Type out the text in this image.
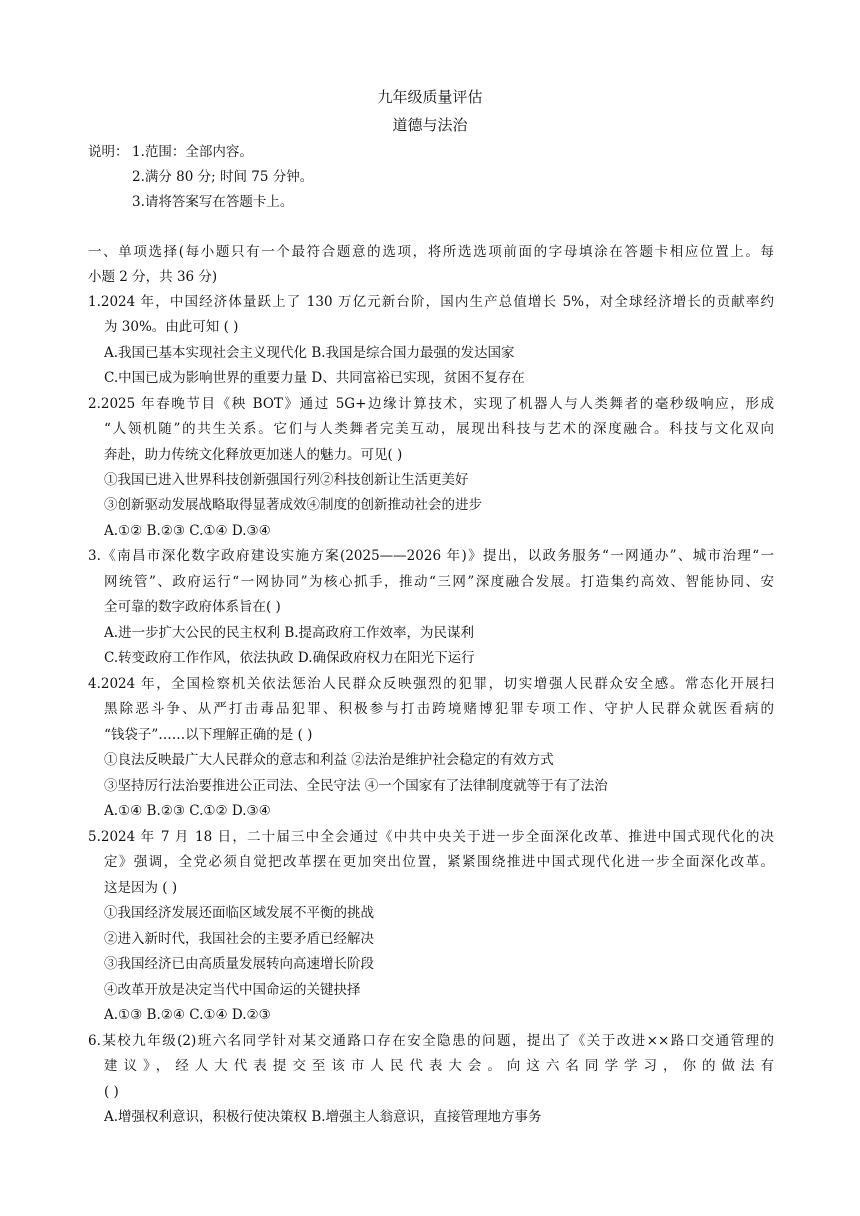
九年级质量评估
道德与法治
说明： 1.范围：全部内容。
2.满分 80 分; 时间 75 分钟。
3.请将答案写在答题卡上。
一、单项选择(每小题只有一个最符合题意的选项，将所选选项前面的字母填涂在答题卡相应位置上。每
小题 2 分，共 36 分)
1.2024 年，中国经济体量跃上了 130 万亿元新台阶，国内生产总值增长 5%，对全球经济增长的贡献率约
为 30%。由此可知 ( )
A.我国已基本实现社会主义现代化 B.我国是综合国力最强的发达国家
C.中国已成为影响世界的重要力量 D、共同富裕已实现，贫困不复存在
2.2025 年春晚节目《秧 BOT》通过 5G+边缘计算技术，实现了机器人与人类舞者的毫秒级响应，形成
“人领机随”的共生关系。它们与人类舞者完美互动，展现出科技与艺术的深度融合。科技与文化双向
奔赴，助力传统文化释放更加迷人的魅力。可见( )
①我国已进入世界科技创新强国行列②科技创新让生活更美好
③创新驱动发展战略取得显著成效④制度的创新推动社会的进步
A.①② B.②③ C.①④ D.③④
3.《南昌市深化数字政府建设实施方案(2025——2026 年)》提出，以政务服务“一网通办”、城市治理“一
网统管”、政府运行“一网协同”为核心抓手，推动“三网”深度融合发展。打造集约高效、智能协同、安
全可靠的数字政府体系旨在( )
A.进一步扩大公民的民主权利 B.提高政府工作效率，为民谋利
C.转变政府工作作风，依法执政 D.确保政府权力在阳光下运行
4.2024 年，全国检察机关依法惩治人民群众反映强烈的犯罪，切实增强人民群众安全感。常态化开展扫
黑除恶斗争、从严打击毒品犯罪、积极参与打击跨境赌博犯罪专项工作、守护人民群众就医看病的
“钱袋子”……以下理解正确的是 ( )
①良法反映最广大人民群众的意志和利益 ②法治是维护社会稳定的有效方式
③坚持厉行法治要推进公正司法、全民守法 ④一个国家有了法律制度就等于有了法治
A.①④ B.②③ C.①② D.③④
5.2024 年 7 月 18 日，二十届三中全会通过《中共中央关于进一步全面深化改革、推进中国式现代化的决
定》强调，全党必须自觉把改革摆在更加突出位置，紧紧围绕推进中国式现代化进一步全面深化改革。
这是因为 ( )
①我国经济发展还面临区域发展不平衡的挑战
②进入新时代，我国社会的主要矛盾已经解决
③我国经济已由高质量发展转向高速增长阶段
④改革开放是决定当代中国命运的关键抉择
A.①③ B.②④ C.①④ D.②③
6.某校九年级(2)班六名同学针对某交通路口存在安全隐患的问题，提出了《关于改进××路口交通管理的
建议》，经人大代表提交至该市人民代表大会。向这六名同学学习，你的做法有
( )
A.增强权利意识，积极行使决策权 B.增强主人翁意识，直接管理地方事务
